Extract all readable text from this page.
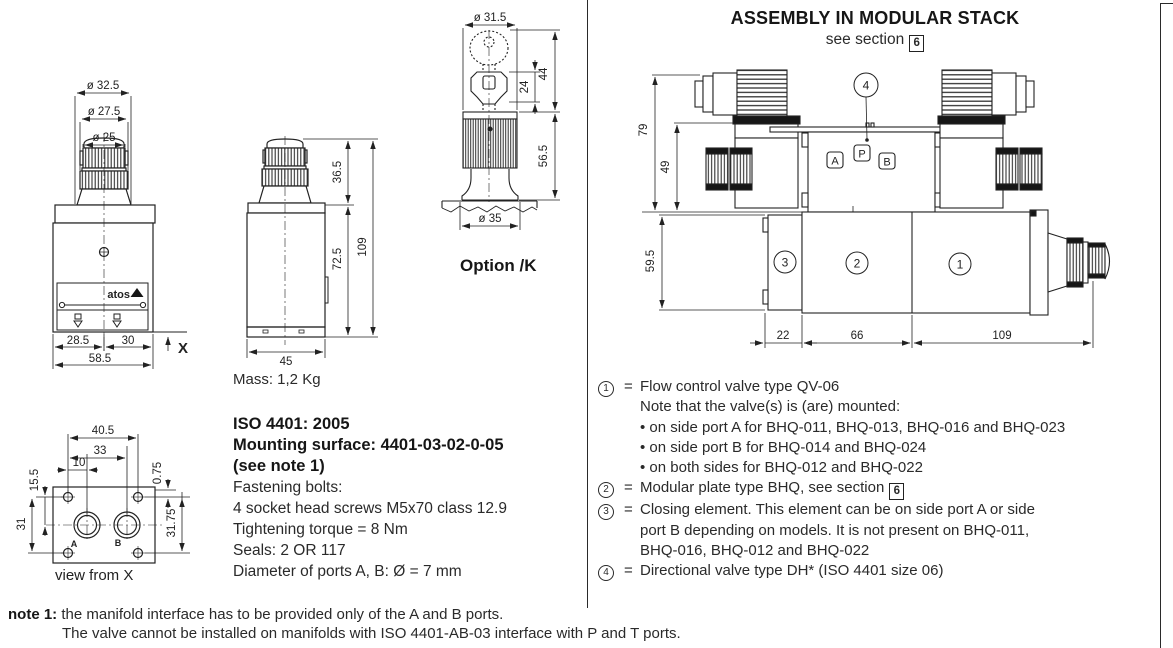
atos
ø 32.5
ø 27.5
ø 25
28.5	30
58.5
X
36.5
72.5
109
45
Mass: 1,2 Kg
ø 31.5
24
44
56.5
ø 35
Option /K
40.5
33
10
15.5
31
0.75
31.75
A	B
view from X
ISO 4401: 2005
Mounting surface: 4401-03-02-0-05
(see note 1)
Fastening bolts:
4 socket head screws M5x70 class 12.9
Tightening torque = 8 Nm
Seals: 2 OR 117
Diameter of ports A, B: Ø = 7 mm
ASSEMBLY IN MODULAR STACK
see section 6
A
P
B
4
3	2	1
79
49
59.5
22	66	109
1	= Flow control valve type QV-06
Note that the valve(s) is (are) mounted:
• on side port A for BHQ-011, BHQ-013, BHQ-016 and BHQ-023
• on side port B for BHQ-014 and BHQ-024
• on both sides for BHQ-012 and BHQ-022
2	= Modular plate type BHQ, see section 6
3	= Closing element. This element can be on side port A or side
port B depending on models. It is not present on BHQ-011,
BHQ-016, BHQ-012 and BHQ-022
4	= Directional valve type DH* (ISO 4401 size 06)
note 1: the manifold interface has to be provided only of the A and B ports.
The valve cannot be installed on manifolds with ISO 4401-AB-03 interface with P and T ports.
